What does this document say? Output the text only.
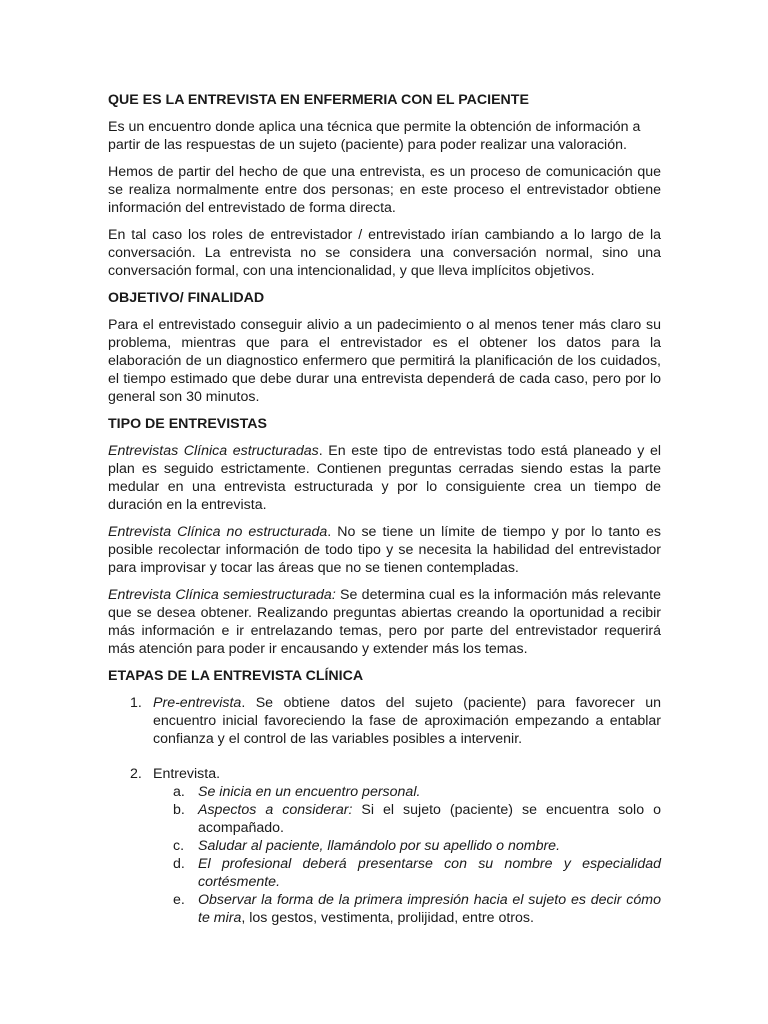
QUE ES LA ENTREVISTA EN ENFERMERIA CON EL PACIENTE

Es un encuentro donde aplica una técnica que permite la obtención de información a partir de las respuestas de un sujeto (paciente) para poder realizar una valoración.

Hemos de partir del hecho de que una entrevista, es un proceso de comunicación que se realiza normalmente entre dos personas; en este proceso el entrevistador obtiene información del entrevistado de forma directa.

En tal caso los roles de entrevistador / entrevistado irían cambiando a lo largo de la conversación. La entrevista no se considera una conversación normal, sino una conversación formal, con una intencionalidad, y que lleva implícitos objetivos.

OBJETIVO/ FINALIDAD

Para el entrevistado conseguir alivio a un padecimiento o al menos tener más claro su problema, mientras que para el entrevistador es el obtener los datos para la elaboración de un diagnostico enfermero que permitirá la planificación de los cuidados, el tiempo estimado que debe durar una entrevista dependerá de cada caso, pero por lo general son 30 minutos.

TIPO DE ENTREVISTAS

Entrevistas Clínica estructuradas. En este tipo de entrevistas todo está planeado y el plan es seguido estrictamente. Contienen preguntas cerradas siendo estas la parte medular en una entrevista estructurada y por lo consiguiente crea un tiempo de duración en la entrevista.

Entrevista Clínica no estructurada. No se tiene un límite de tiempo y por lo tanto es posible recolectar información de todo tipo y se necesita la habilidad del entrevistador para improvisar y tocar las áreas que no se tienen contempladas.

Entrevista Clínica semiestructurada: Se determina cual es la información más relevante que se desea obtener. Realizando preguntas abiertas creando la oportunidad a recibir más información e ir entrelazando temas, pero por parte del entrevistador requerirá más atención para poder ir encausando y extender más los temas.

ETAPAS DE LA ENTREVISTA CLÍNICA
1. Pre-entrevista. Se obtiene datos del sujeto (paciente) para favorecer un encuentro inicial favoreciendo la fase de aproximación empezando a entablar confianza y el control de las variables posibles a intervenir.
2. Entrevista.
a. Se inicia en un encuentro personal.
b. Aspectos a considerar: Si el sujeto (paciente) se encuentra solo o acompañado.
c. Saludar al paciente, llamándolo por su apellido o nombre.
d. El profesional deberá presentarse con su nombre y especialidad cortésmente.
e. Observar la forma de la primera impresión hacia el sujeto es decir cómo te mira, los gestos, vestimenta, prolijidad, entre otros.
